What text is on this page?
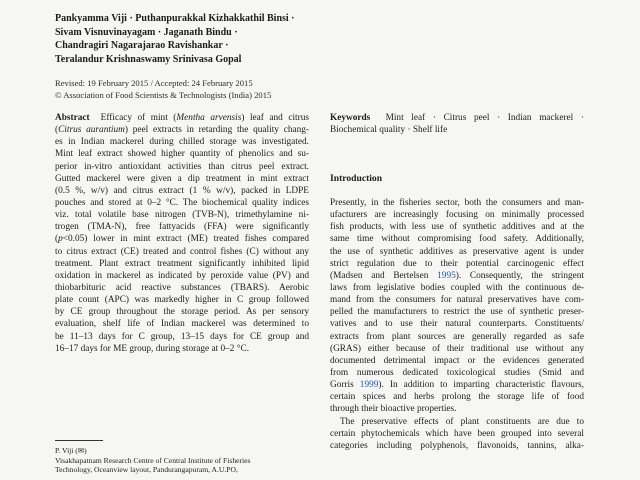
Pankyamma Viji · Puthanpurakkal Kizhakkathil Binsi ·
Sivam Visnuvinayagam · Jaganath Bindu ·
Chandragiri Nagarajarao Ravishankar ·
Teralandur Krishnaswamy Srinivasa Gopal
Revised: 19 February 2015 / Accepted: 24 February 2015
© Association of Food Scientists & Technologists (India) 2015
Abstract Efficacy of mint (Mentha arvensis) leaf and citrus
(Citrus aurantium) peel extracts in retarding the quality chang-
es in Indian mackerel during chilled storage was investigated.
Mint leaf extract showed higher quantity of phenolics and su-
perior in-vitro antioxidant activities than citrus peel extract.
Gutted mackerel were given a dip treatment in mint extract
(0.5 %, w/v) and citrus extract (1 % w/v), packed in LDPE
pouches and stored at 0–2 °C. The biochemical quality indices
viz. total volatile base nitrogen (TVB-N), trimethylamine ni-
trogen (TMA-N), free fattyacids (FFA) were significantly
(p<0.05) lower in mint extract (ME) treated fishes compared
to citrus extract (CE) treated and control fishes (C) without any
treatment. Plant extract treatment significantly inhibited lipid
oxidation in mackerel as indicated by peroxide value (PV) and
thiobarbituric acid reactive substances (TBARS). Aerobic
plate count (APC) was markedly higher in C group followed
by CE group throughout the storage period. As per sensory
evaluation, shelf life of Indian mackerel was determined to
be 11–13 days for C group, 13–15 days for CE group and
16–17 days for ME group, during storage at 0–2 °C.
Keywords Mint leaf · Citrus peel · Indian mackerel ·
Biochemical quality · Shelf life
Introduction
Presently, in the fisheries sector, both the consumers and man-
ufacturers are increasingly focusing on minimally processed
fish products, with less use of synthetic additives and at the
same time without compromising food safety. Additionally,
the use of synthetic additives as preservative agent is under
strict regulation due to their potential carcinogenic effect
(Madsen and Bertelsen 1995). Consequently, the stringent
laws from legislative bodies coupled with the continuous de-
mand from the consumers for natural preservatives have com-
pelled the manufacturers to restrict the use of synthetic preser-
vatives and to use their natural counterparts. Constituents/
extracts from plant sources are generally regarded as safe
(GRAS) either because of their traditional use without any
documented detrimental impact or the evidences generated
from numerous dedicated toxicological studies (Smid and
Gorris 1999). In addition to imparting characteristic flavours,
certain spices and herbs prolong the storage life of food
through their bioactive properties.
The preservative effects of plant constituents are due to
certain phytochemicals which have been grouped into several
categories including polyphenols, flavonoids, tannins, alka-
P. Viji (✉)
Visakhapatnam Research Centre of Central Institute of Fisheries
Technology, Oceanview layout, Pandurangapuram, A.U.PO,
